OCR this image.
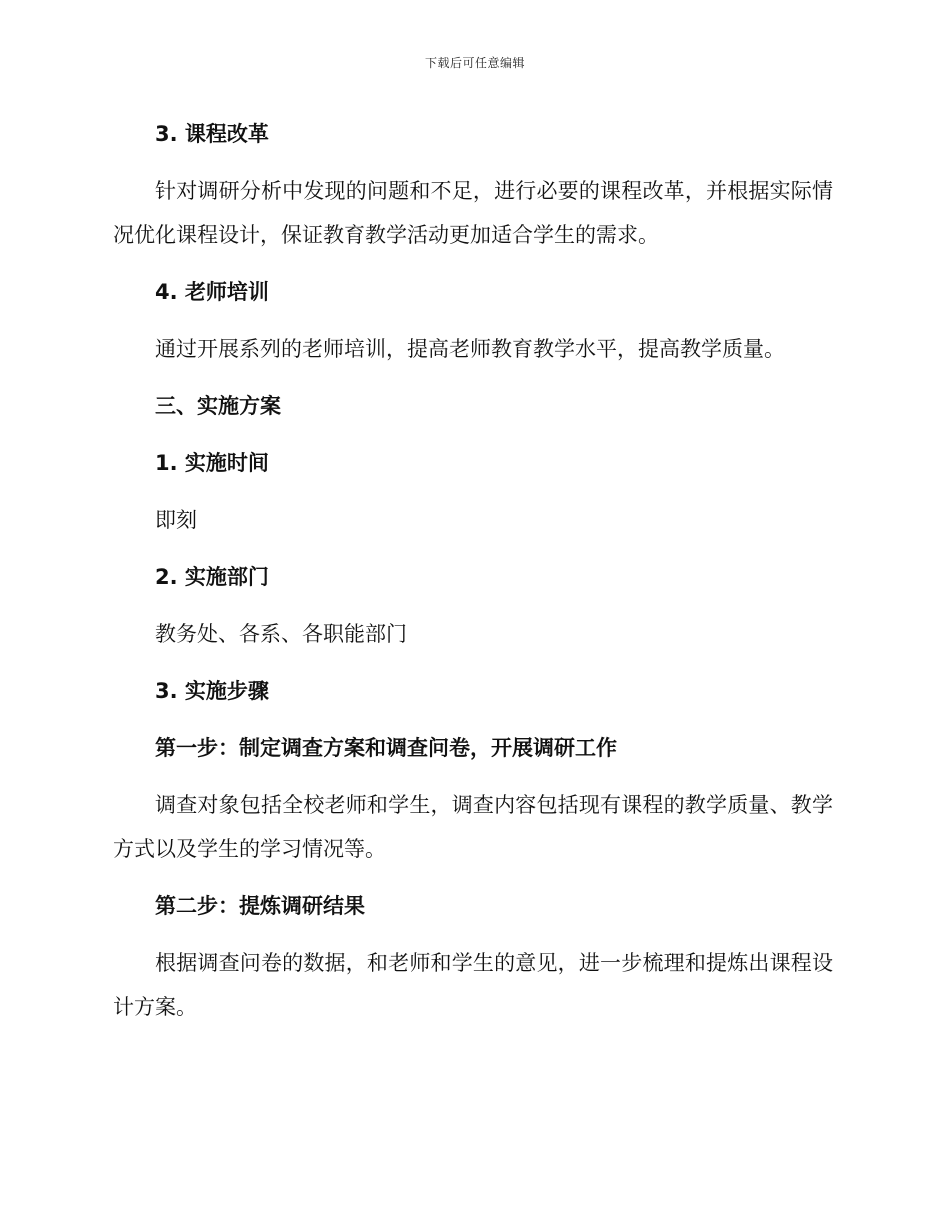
下载后可任意编辑

3. 课程改革

针对调研分析中发现的问题和不足，进行必要的课程改革，并根据实际情况优化课程设计，保证教育教学活动更加适合学生的需求。

4. 老师培训

通过开展系列的老师培训，提高老师教育教学水平，提高教学质量。

三、实施方案

1. 实施时间

即刻

2. 实施部门

教务处、各系、各职能部门

3. 实施步骤

第一步：制定调查方案和调查问卷，开展调研工作

调查对象包括全校老师和学生，调查内容包括现有课程的教学质量、教学方式以及学生的学习情况等。

第二步：提炼调研结果

根据调查问卷的数据，和老师和学生的意见，进一步梳理和提炼出课程设计方案。
